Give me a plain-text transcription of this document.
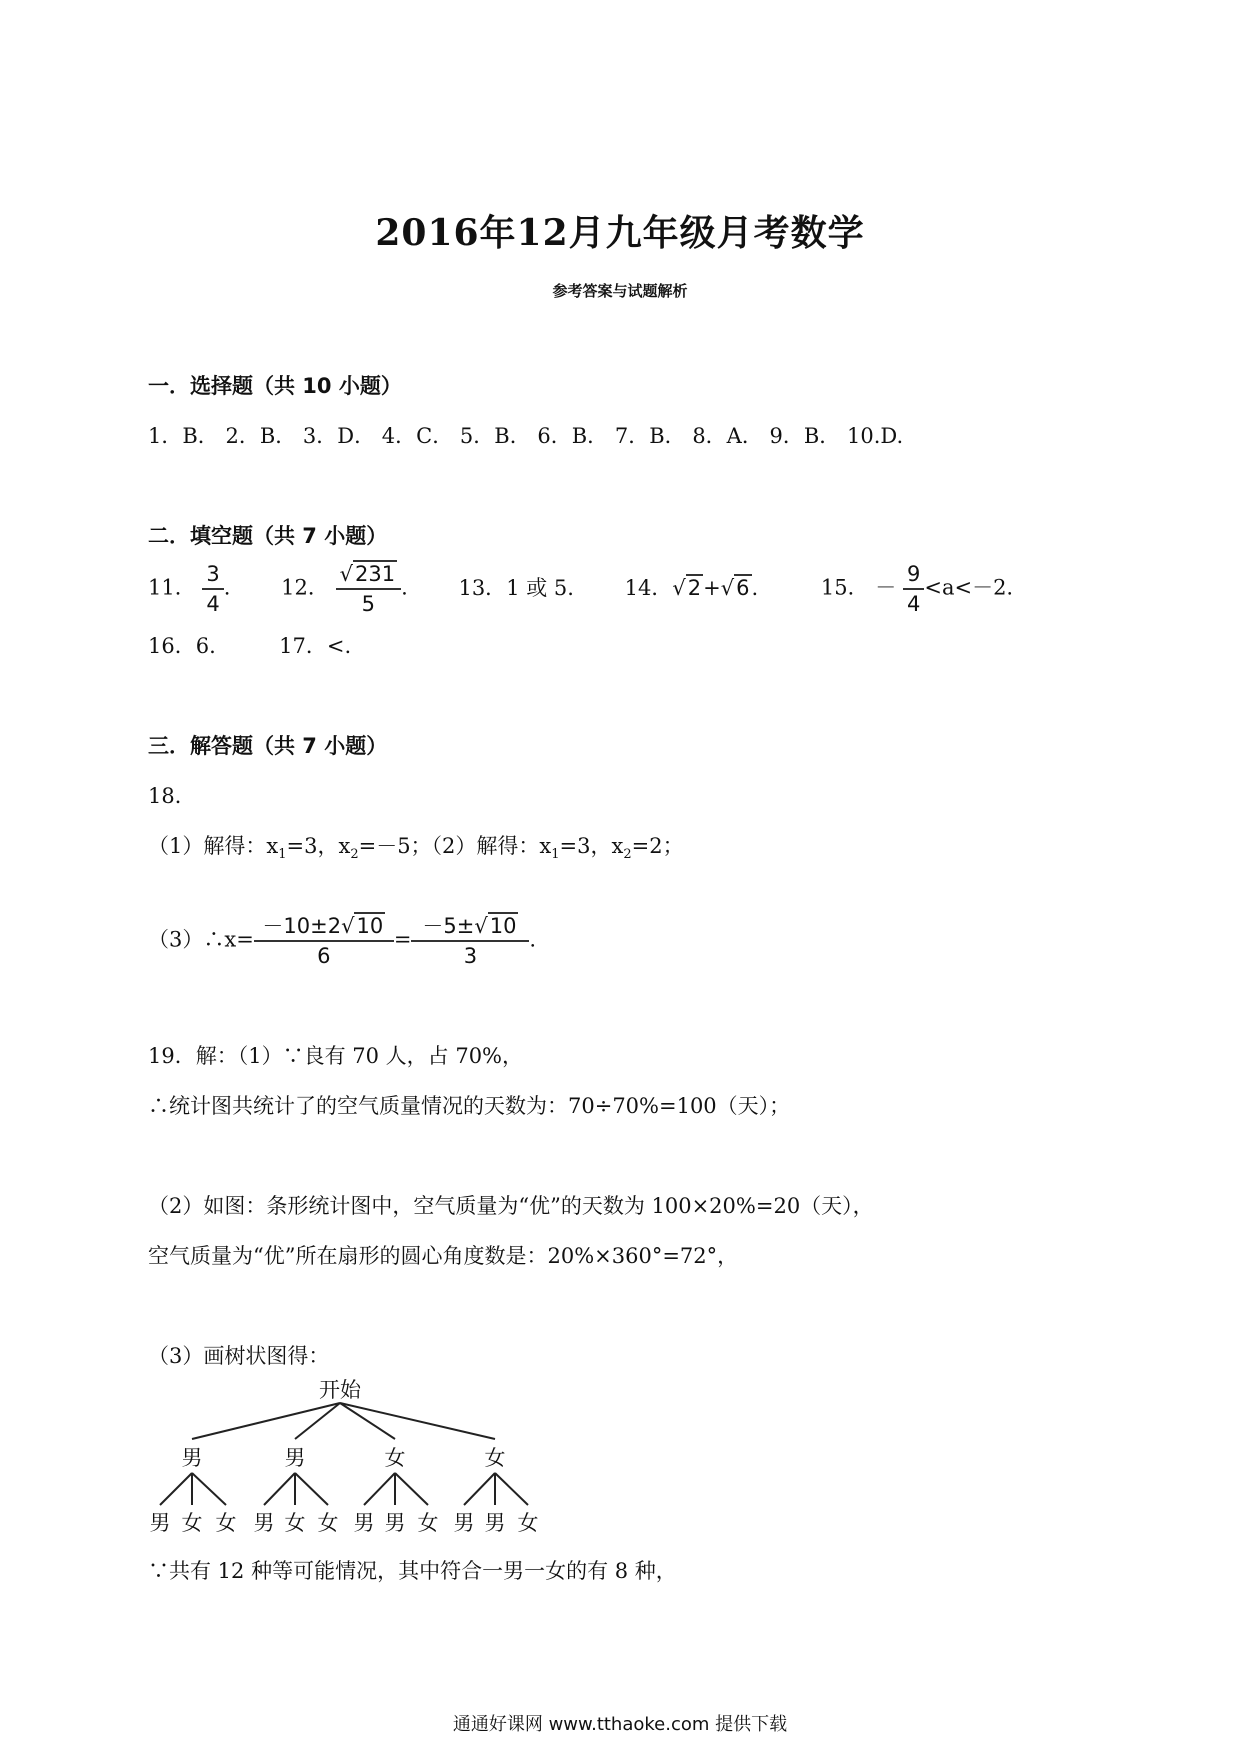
2016年12月九年级月考数学
参考答案与试题解析
一．选择题（共 10 小题）
1．B． 2．B． 3．D． 4．C． 5．B． 6．B． 7．B． 8．A． 9．B． 10.D.
二．填空题（共 7 小题）
11． $\frac{3}{4}$ . 12． $\frac{√231}{5}$ . 13．1 或 5. 14．√2+√6.	15． － $\frac{9}{4} <a<-2$.
16．6.	17．<.
三．解答题（共 7 小题）
18．
（1）解得：$x_1=3$，$x_2=-5$；（2）解得：$x_1=3$，$x_2=2$；
（3）∴x= $\frac{-10\pm 2√10}{6} = \frac{-5\pm√10}{3}$ .
19．解：（1）∵良有 70 人，占 70%，
∴统计图共统计了的空气质量情况的天数为：70÷70%=100（天）；
（2）如图：条形统计图中，空气质量为“优”的天数为 100×20%=20（天），
空气质量为“优”所在扇形的圆心角度数是：20%×360°=72°，
（3）画树状图得：
开始
男	男	女	女
男 女 女 男 女 女 男 男 女 男 男 女
∵共有 12 种等可能情况，其中符合一男一女的有 8 种，
通通好课网 www.tthaoke.com 提供下载
